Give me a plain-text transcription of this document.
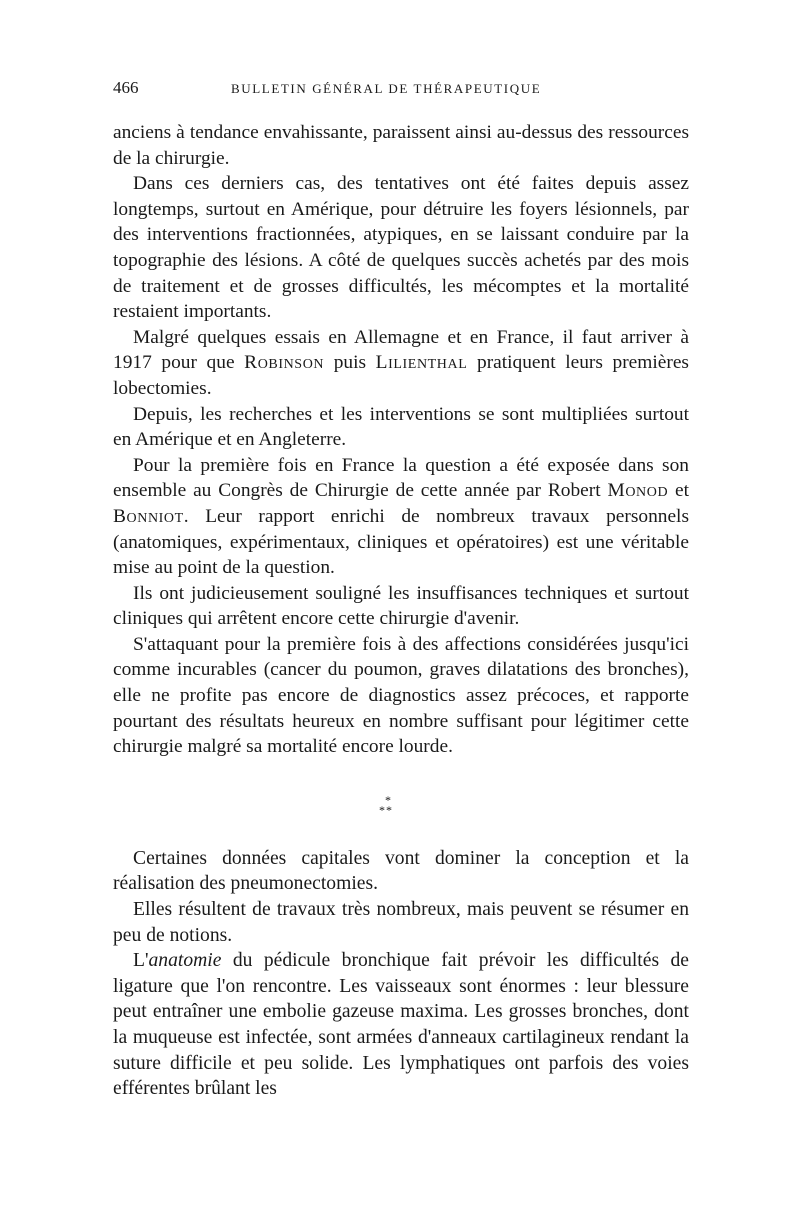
466	BULLETIN GÉNÉRAL DE THÉRAPEUTIQUE

anciens à tendance envahissante, paraissent ainsi au-dessus des ressources de la chirurgie.

Dans ces derniers cas, des tentatives ont été faites depuis assez longtemps, surtout en Amérique, pour détruire les foyers lésionnels, par des interventions fractionnées, atypiques, en se laissant conduire par la topographie des lésions. A côté de quelques succès achetés par des mois de traitement et de grosses difficultés, les mécomptes et la mortalité restaient importants.

Malgré quelques essais en Allemagne et en France, il faut arriver à 1917 pour que Robinson puis Lilienthal pratiquent leurs premières lobectomies.

Depuis, les recherches et les interventions se sont multipliées surtout en Amérique et en Angleterre.

Pour la première fois en France la question a été exposée dans son ensemble au Congrès de Chirurgie de cette année par Robert Monod et Bonniot. Leur rapport enrichi de nombreux travaux personnels (anatomiques, expérimentaux, cliniques et opératoires) est une véritable mise au point de la question.

Ils ont judicieusement souligné les insuffisances techniques et surtout cliniques qui arrêtent encore cette chirurgie d'avenir.

S'attaquant pour la première fois à des affections considérées jusqu'ici comme incurables (cancer du poumon, graves dilatations des bronches), elle ne profite pas encore de diagnostics assez précoces, et rapporte pourtant des résultats heureux en nombre suffisant pour légitimer cette chirurgie malgré sa mortalité encore lourde.

*
**

Certaines données capitales vont dominer la conception et la réalisation des pneumonectomies.

Elles résultent de travaux très nombreux, mais peuvent se résumer en peu de notions.

L'anatomie du pédicule bronchique fait prévoir les difficultés de ligature que l'on rencontre. Les vaisseaux sont énormes : leur blessure peut entraîner une embolie gazeuse maxima. Les grosses bronches, dont la muqueuse est infectée, sont armées d'anneaux cartilagineux rendant la suture difficile et peu solide. Les lymphatiques ont parfois des voies efférentes brûlant les
